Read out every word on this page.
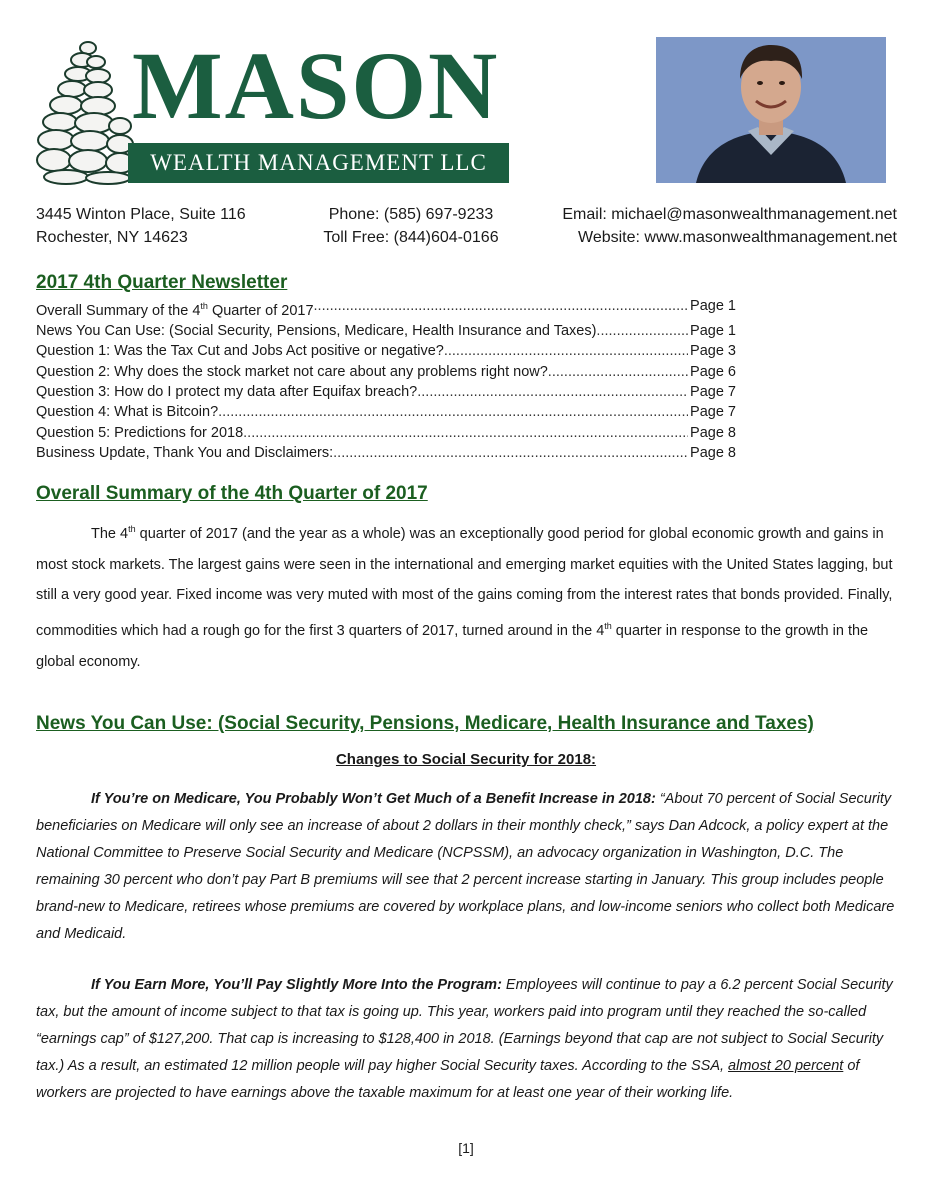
MASON
WEALTH MANAGEMENT LLC
3445 Winton Place, Suite 116
Rochester, NY 14623
Phone: (585) 697-9233
Toll Free: (844)604-0166
Email: michael@masonwealthmanagement.net
Website: www.masonwealthmanagement.net
2017 4th Quarter Newsletter
Overall Summary of the 4th Quarter of 2017 .....	Page 1
News You Can Use: (Social Security, Pensions, Medicare, Health Insurance and Taxes) .....	Page 1
Question 1: Was the Tax Cut and Jobs Act positive or negative? .....	Page 3
Question 2: Why does the stock market not care about any problems right now? .....	Page 6
Question 3: How do I protect my data after Equifax breach? .....	Page 7
Question 4: What is Bitcoin? .....	Page 7
Question 5: Predictions for 2018 .....	Page 8
Business Update, Thank You and Disclaimers: .....	Page 8
Overall Summary of the 4th Quarter of 2017
The 4th quarter of 2017 (and the year as a whole) was an exceptionally good period for global economic growth and gains in most stock markets. The largest gains were seen in the international and emerging market equities with the United States lagging, but still a very good year. Fixed income was very muted with most of the gains coming from the interest rates that bonds provided. Finally, commodities which had a rough go for the first 3 quarters of 2017, turned around in the 4th quarter in response to the growth in the global economy.
News You Can Use: (Social Security, Pensions, Medicare, Health Insurance and Taxes)
Changes to Social Security for 2018:
If You’re on Medicare, You Probably Won’t Get Much of a Benefit Increase in 2018: “About 70 percent of Social Security beneficiaries on Medicare will only see an increase of about 2 dollars in their monthly check,” says Dan Adcock, a policy expert at the National Committee to Preserve Social Security and Medicare (NCPSSM), an advocacy organization in Washington, D.C. The remaining 30 percent who don’t pay Part B premiums will see that 2 percent increase starting in January. This group includes people brand-new to Medicare, retirees whose premiums are covered by workplace plans, and low-income seniors who collect both Medicare and Medicaid.
If You Earn More, You’ll Pay Slightly More Into the Program: Employees will continue to pay a 6.2 percent Social Security tax, but the amount of income subject to that tax is going up. This year, workers paid into program until they reached the so-called “earnings cap” of $127,200. That cap is increasing to $128,400 in 2018. (Earnings beyond that cap are not subject to Social Security tax.) As a result, an estimated 12 million people will pay higher Social Security taxes. According to the SSA, almost 20 percent of workers are projected to have earnings above the taxable maximum for at least one year of their working life.
[1]
